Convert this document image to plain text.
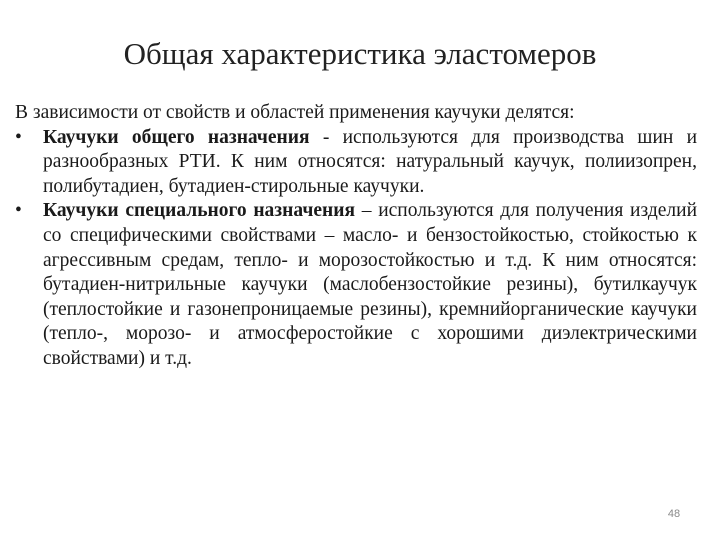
Общая характеристика эластомеров

В зависимости от свойств и областей применения каучуки делятся:

•	Каучуки общего назначения - используются для производства шин и разнообразных РТИ. К ним относятся: натуральный каучук, полиизопрен, полибутадиен, бутадиен-стирольные каучуки.
•	Каучуки специального назначения – используются для получения изделий со специфическими свойствами – масло- и бензостойкостью, стойкостью к агрессивным средам, тепло- и морозостойкостью и т.д. К ним относятся: бутадиен-нитрильные каучуки (маслобензостойкие резины), бутилкаучук (теплостойкие и газонепроницаемые резины), кремнийорганические каучуки (тепло-, морозо- и атмосферостойкие с хорошими диэлектрическими свойствами) и т.д.
48
